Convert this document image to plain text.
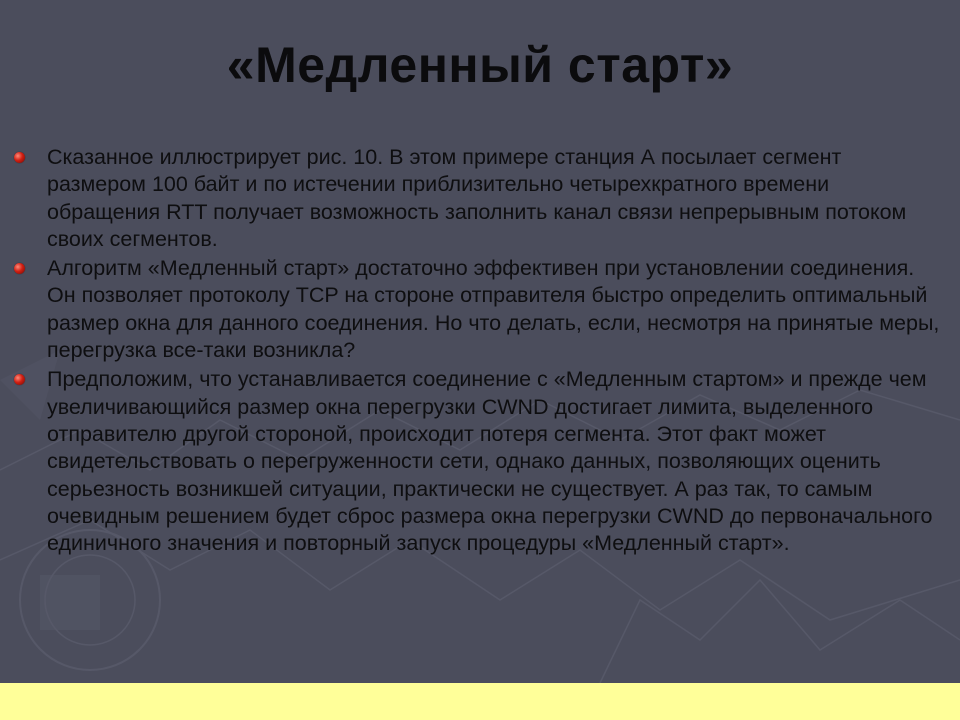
«Медленный старт»
Сказанное иллюстрирует рис. 10. В этом примере станция А посылает сегмент размером 100 байт и по истечении приблизительно четырехкратного времени обращения RTT получает возможность заполнить канал связи непрерывным потоком своих сегментов.
Алгоритм «Медленный старт» достаточно эффективен при установлении соединения. Он позволяет протоколу TCP на стороне отправителя быстро определить оптимальный размер окна для данного соединения. Но что делать, если, несмотря на принятые меры, перегрузка все-таки возникла?
Предположим, что устанавливается соединение с «Медленным стартом» и прежде чем увеличивающийся размер окна перегрузки CWND достигает лимита, выделенного отправителю другой стороной, происходит потеря сегмента. Этот факт может свидетельствовать о перегруженности сети, однако данных, позволяющих оценить серьезность возникшей ситуации, практически не существует. А раз так, то самым очевидным решением будет сброс размера окна перегрузки CWND до первоначального единичного значения и повторный запуск процедуры «Медленный старт».
